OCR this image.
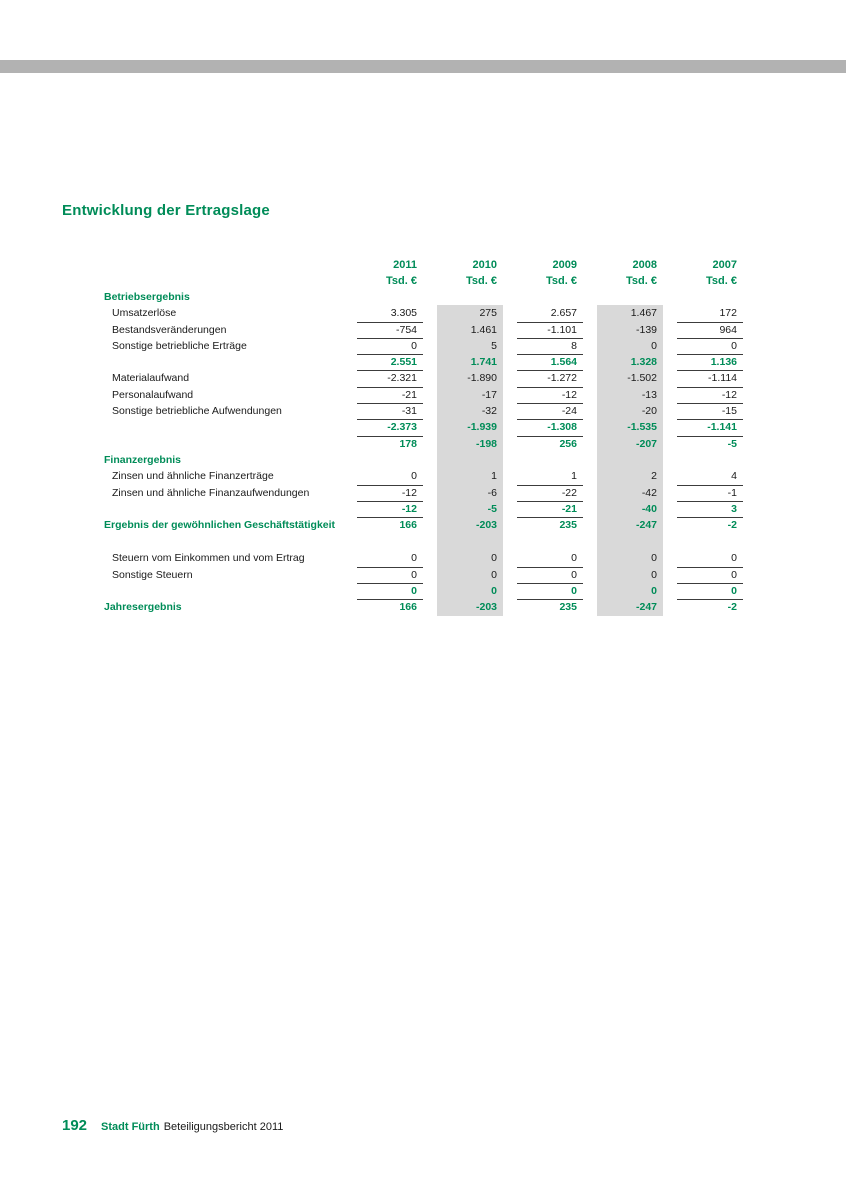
Entwicklung der Ertragslage
2011	2010	2009	2008	2007
Tsd. €	Tsd. €	Tsd. €	Tsd. €	Tsd. €
Betriebsergebnis
Umsatzerlöse	3.305	275	2.657	1.467	172
Bestandsveränderungen	-754	1.461	-1.101	-139	964
Sonstige betriebliche Erträge	0	5	8	0	0
2.551	1.741	1.564	1.328	1.136
Materialaufwand	-2.321	-1.890	-1.272	-1.502	-1.114
Personalaufwand	-21	-17	-12	-13	-12
Sonstige betriebliche Aufwendungen	-31	-32	-24	-20	-15
-2.373	-1.939	-1.308	-1.535	-1.141
178	-198	256	-207	-5
Finanzergebnis
Zinsen und ähnliche Finanzerträge	0	1	1	2	4
Zinsen und ähnliche Finanzaufwendungen	-12	-6	-22	-42	-1
-12	-5	-21	-40	3
Ergebnis der gewöhnlichen Geschäftstätigkeit	166	-203	235	-247	-2
Steuern vom Einkommen und vom Ertrag	0	0	0	0	0
Sonstige Steuern	0	0	0	0	0
0	0	0	0	0
Jahresergebnis	166	-203	235	-247	-2
192 Stadt Fürth Beteiligungsbericht 2011
